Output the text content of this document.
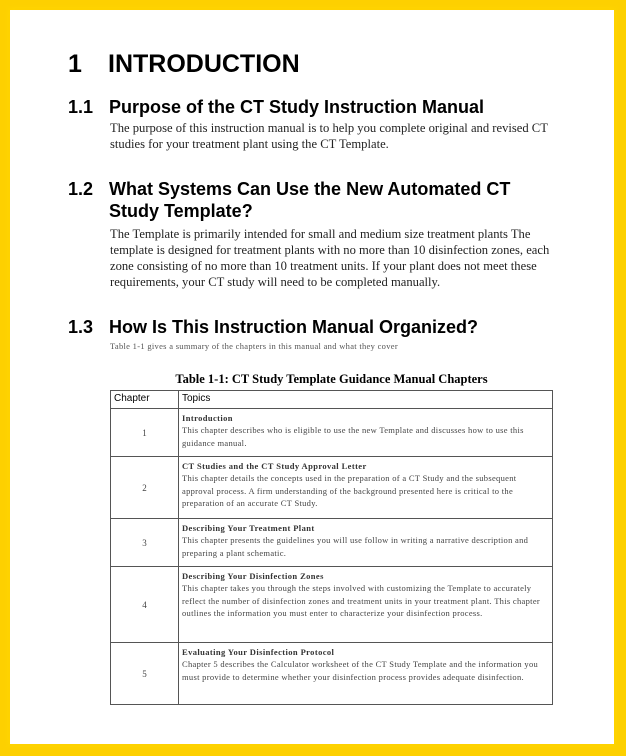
1 INTRODUCTION
1.1 Purpose of the CT Study Instruction Manual

The purpose of this instruction manual is to help you complete original and revised CT studies for your treatment plant using the CT Template.

1.2 What Systems Can Use the New Automated CT Study Template?

The Template is primarily intended for small and medium size treatment plants The template is designed for treatment plants with no more than 10 disinfection zones, each zone consisting of no more than 10 treatment units. If your plant does not meet these requirements, your CT study will need to be completed manually.

1.3 How Is This Instruction Manual Organized?

Table 1-1 gives a summary of the chapters in this manual and what they cover

Table 1-1: CT Study Template Guidance Manual Chapters

Chapter	Topics
1	Introduction
This chapter describes who is eligible to use the new Template and discusses how to use this guidance manual.

2	CT Studies and the CT Study Approval Letter
This chapter details the concepts used in the preparation of a CT Study and the subsequent approval process. A firm understanding of the background presented here is critical to the preparation of an accurate CT Study.

3	Describing Your Treatment Plant
This chapter presents the guidelines you will use follow in writing a narrative description and preparing a plant schematic.

4	Describing Your Disinfection Zones
This chapter takes you through the steps involved with customizing the Template to accurately reflect the number of disinfection zones and treatment units in your treatment plant. This chapter outlines the information you must enter to characterize your disinfection process.

5	Evaluating Your Disinfection Protocol
Chapter 5 describes the Calculator worksheet of the CT Study Template and the information you must provide to determine whether your disinfection process provides adequate disinfection.
